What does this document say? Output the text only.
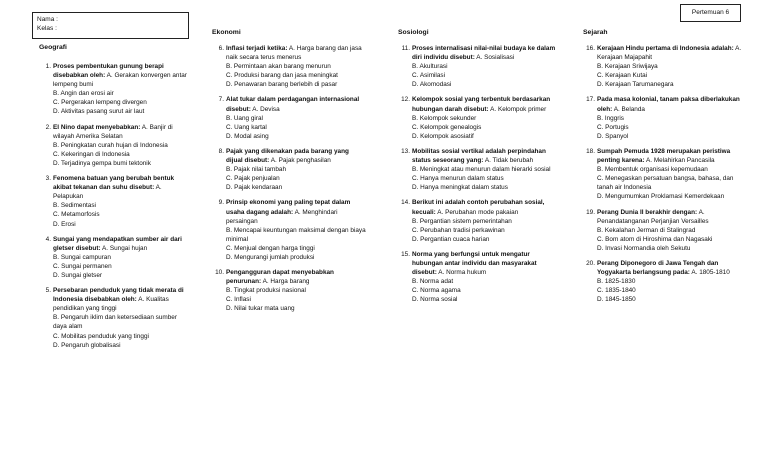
Nama :
Kelas :
Pertemuan 6
Geografi
1. Proses pembentukan gunung berapi disebabkan oleh: A. Gerakan konvergen antar lempeng bumi
B. Angin dan erosi air
C. Pergerakan lempeng divergen
D. Aktivitas pasang surut air laut
2. El Nino dapat menyebabkan: A. Banjir di wilayah Amerika Selatan
B. Peningkatan curah hujan di Indonesia
C. Kekeringan di Indonesia
D. Terjadinya gempa bumi tektonik
3. Fenomena batuan yang berubah bentuk akibat tekanan dan suhu disebut: A. Pelapukan
B. Sedimentasi
C. Metamorfosis
D. Erosi
4. Sungai yang mendapatkan sumber air dari gletser disebut: A. Sungai hujan
B. Sungai campuran
C. Sungai permanen
D. Sungai gletser
5. Persebaran penduduk yang tidak merata di Indonesia disebabkan oleh: A. Kualitas pendidikan yang tinggi
B. Pengaruh iklim dan ketersediaan sumber daya alam
C. Mobilitas penduduk yang tinggi
D. Pengaruh globalisasi
Ekonomi
6. Inflasi terjadi ketika: A. Harga barang dan jasa naik secara terus menerus
B. Permintaan akan barang menurun
C. Produksi barang dan jasa meningkat
D. Penawaran barang berlebih di pasar
7. Alat tukar dalam perdagangan internasional disebut: A. Devisa
B. Uang giral
C. Uang kartal
D. Modal asing
8. Pajak yang dikenakan pada barang yang dijual disebut: A. Pajak penghasilan
B. Pajak nilai tambah
C. Pajak penjualan
D. Pajak kendaraan
9. Prinsip ekonomi yang paling tepat dalam usaha dagang adalah: A. Menghindari persaingan
B. Mencapai keuntungan maksimal dengan biaya minimal
C. Menjual dengan harga tinggi
D. Mengurangi jumlah produksi
10. Pengangguran dapat menyebabkan penurunan: A. Harga barang
B. Tingkat produksi nasional
C. Inflasi
D. Nilai tukar mata uang
Sosiologi
11. Proses internalisasi nilai-nilai budaya ke dalam diri individu disebut: A. Sosialisasi
B. Akulturasi
C. Asimilasi
D. Akomodasi
12. Kelompok sosial yang terbentuk berdasarkan hubungan darah disebut: A. Kelompok primer
B. Kelompok sekunder
C. Kelompok genealogis
D. Kelompok asosiatif
13. Mobilitas sosial vertikal adalah perpindahan status seseorang yang: A. Tidak berubah
B. Meningkat atau menurun dalam hierarki sosial
C. Hanya menurun dalam status
D. Hanya meningkat dalam status
14. Berikut ini adalah contoh perubahan sosial, kecuali: A. Perubahan mode pakaian
B. Pergantian sistem pemerintahan
C. Perubahan tradisi perkawinan
D. Pergantian cuaca harian
15. Norma yang berfungsi untuk mengatur hubungan antar individu dan masyarakat disebut: A. Norma hukum
B. Norma adat
C. Norma agama
D. Norma sosial
Sejarah
16. Kerajaan Hindu pertama di Indonesia adalah: A. Kerajaan Majapahit
B. Kerajaan Sriwijaya
C. Kerajaan Kutai
D. Kerajaan Tarumanegara
17. Pada masa kolonial, tanam paksa diberlakukan oleh: A. Belanda
B. Inggris
C. Portugis
D. Spanyol
18. Sumpah Pemuda 1928 merupakan peristiwa penting karena: A. Melahirkan Pancasila
B. Membentuk organisasi kepemudaan
C. Menegaskan persatuan bangsa, bahasa, dan tanah air Indonesia
D. Mengumumkan Proklamasi Kemerdekaan
19. Perang Dunia II berakhir dengan: A. Penandatanganan Perjanjian Versailles
B. Kekalahan Jerman di Stalingrad
C. Bom atom di Hiroshima dan Nagasaki
D. Invasi Normandia oleh Sekutu
20. Perang Diponegoro di Jawa Tengah dan Yogyakarta berlangsung pada: A. 1805-1810
B. 1825-1830
C. 1835-1840
D. 1845-1850
